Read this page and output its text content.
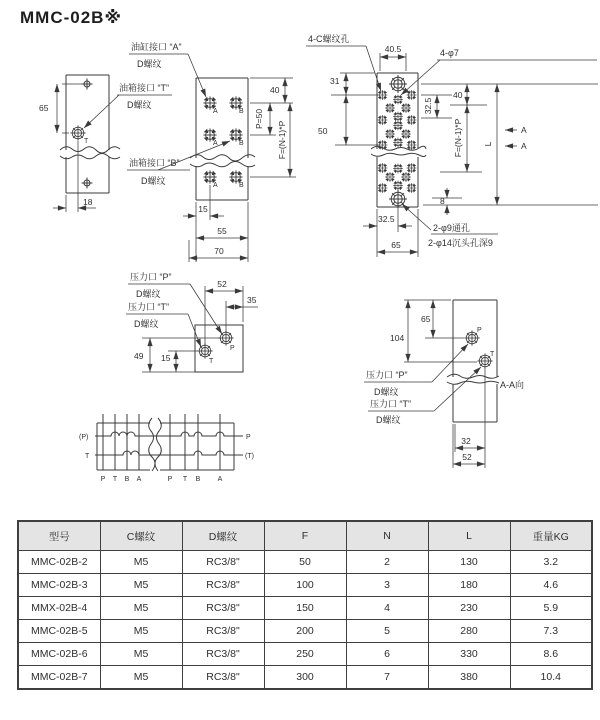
MMC-02B※
T
65
18
油缸接口 “A”
D螺纹
油箱接口 “T”
D螺纹
油箱接口 “B”
D螺纹
A	B
A	B
A	B
40
P=50
F=(N-1)*P
15
55
70
4-C螺纹孔
40.5	4-φ7
31
50
32.5
65
2-φ9通孔
2-φ14沉头孔深9
32.5
40
F=(N-1)*P L
8
A
A
P
T
52
35
49 15
压力口 “P”
D螺纹
压力口 “T”
D螺纹
P
T
65
104
压力口 “P”
D螺纹
压力口 “T”
D螺纹
A-A向
32
52
(P)
T
P
(T)
P T B A	P T B A
型号	C螺纹	D螺纹	F	N	L	重量KG
MMC-02B-2	M5	RC3/8"	50	2	130	3.2
MMC-02B-3	M5	RC3/8"	100	3	180	4.6
MMX-02B-4	M5	RC3/8"	150	4	230	5.9
MMC-02B-5	M5	RC3/8"	200	5	280	7.3
MMC-02B-6	M5	RC3/8"	250	6	330	8.6
MMC-02B-7	M5	RC3/8"	300	7	380	10.4
